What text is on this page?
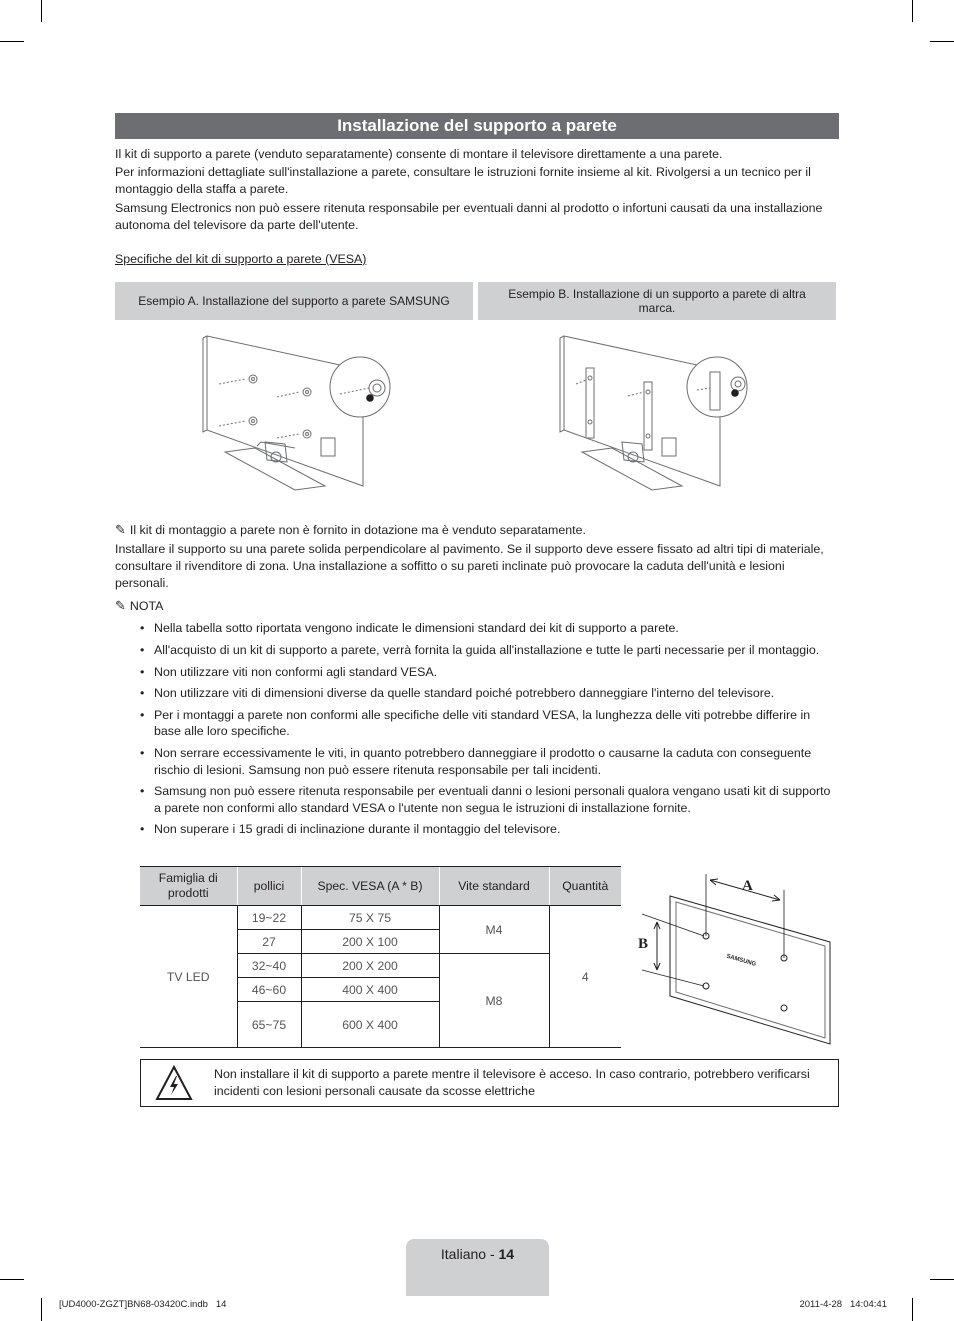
Installazione del supporto a parete

Il kit di supporto a parete (venduto separatamente) consente di montare il televisore direttamente a una parete.

Per informazioni dettagliate sull'installazione a parete, consultare le istruzioni fornite insieme al kit. Rivolgersi a un tecnico per il montaggio della staffa a parete.

Samsung Electronics non può essere ritenuta responsabile per eventuali danni al prodotto o infortuni causati da una installazione autonoma del televisore da parte dell'utente.

Specifiche del kit di supporto a parete (VESA)
Esempio A. Installazione del supporto a parete SAMSUNG	Esempio B. Installazione di un supporto a parete di altra marca.
✎ Il kit di montaggio a parete non è fornito in dotazione ma è venduto separatamente.
Installare il supporto su una parete solida perpendicolare al pavimento. Se il supporto deve essere fissato ad altri tipi di materiale, consultare il rivenditore di zona. Una installazione a soffitto o su pareti inclinate può provocare la caduta dell'unità e lesioni personali.
✎ NOTA
• Nella tabella sotto riportata vengono indicate le dimensioni standard dei kit di supporto a parete.
• All'acquisto di un kit di supporto a parete, verrà fornita la guida all'installazione e tutte le parti necessarie per il montaggio.
• Non utilizzare viti non conformi agli standard VESA.
• Non utilizzare viti di dimensioni diverse da quelle standard poiché potrebbero danneggiare l'interno del televisore.
• Per i montaggi a parete non conformi alle specifiche delle viti standard VESA, la lunghezza delle viti potrebbe differire in base alle loro specifiche.
• Non serrare eccessivamente le viti, in quanto potrebbero danneggiare il prodotto o causarne la caduta con conseguente rischio di lesioni. Samsung non può essere ritenuta responsabile per tali incidenti.
• Samsung non può essere ritenuta responsabile per eventuali danni o lesioni personali qualora vengano usati kit di supporto a parete non conformi allo standard VESA o l'utente non segua le istruzioni di installazione fornite.
• Non superare i 15 gradi di inclinazione durante il montaggio del televisore.
Famiglia di prodotti	pollici	Spec. VESA (A * B)	Vite standard	Quantità
TV LED	19~22	75 X 75	M4	4
	27	200 X 100		
	32~40	200 X 200	M8	
	46~60	400 X 400		
	65~75	600 X 400		
A
B
SAMSUNG
Non installare il kit di supporto a parete mentre il televisore è acceso. In caso contrario, potrebbero verificarsi incidenti con lesioni personali causate da scosse elettriche
Italiano - 14
[UD4000-ZGZT]BN68-03420C.indb   14	2011-4-28   14:04:41
